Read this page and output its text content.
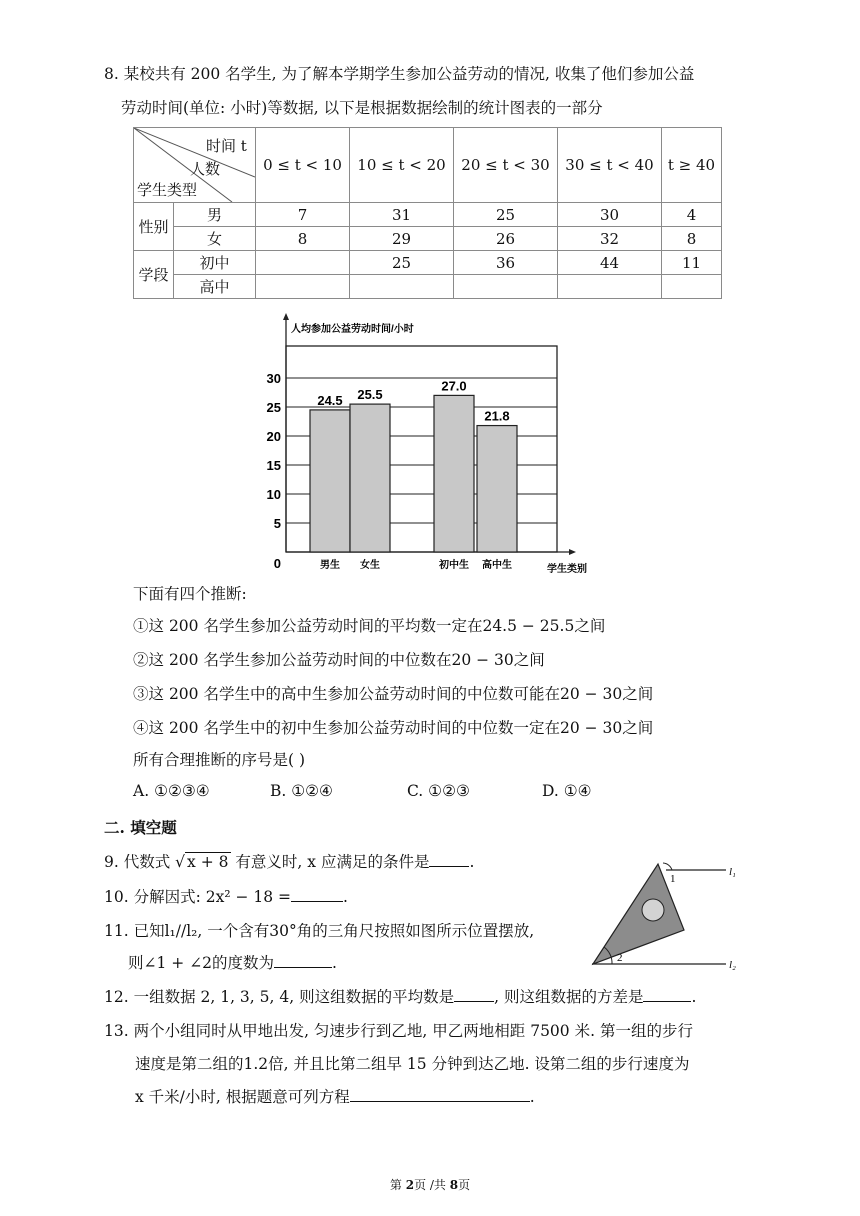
8. 某校共有 200 名学生, 为了解本学期学生参加公益劳动的情况, 收集了他们参加公益
劳动时间(单位: 小时)等数据, 以下是根据数据绘制的统计图表的一部分
时间 t
人数
学生类型		0 ≤ t < 10	10 ≤ t < 20	20 ≤ t < 30	30 ≤ t < 40	t ≥ 40
性别	男	7	31	25	30	4
	女	8	29	26	32	8
学段	初中		25	36	44	11
	高中					
0
5
10
15
20
25
30
24.5
男生
25.5
女生
27.0
初中生
21.8
高中生
人均参加公益劳动时间/小时
学生类别
下面有四个推断:
①这 200 名学生参加公益劳动时间的平均数一定在24.5 − 25.5之间
②这 200 名学生参加公益劳动时间的中位数在20 − 30之间
③这 200 名学生中的高中生参加公益劳动时间的中位数可能在20 − 30之间
④这 200 名学生中的初中生参加公益劳动时间的中位数一定在20 − 30之间
所有合理推断的序号是( )
A. ①②③④	B. ①②④	C. ①②③	D. ①④
二. 填空题
9. 代数式 √ x + 8 有意义时, x 应满足的条件是	.
10. 分解因式: 2x² − 18 =	.
11. 已知l₁//l₂, 一个含有30°角的三角尺按照如图所示位置摆放,
则∠1 + ∠2的度数为	.
1
2
l₁
l₂
12. 一组数据 2, 1, 3, 5, 4, 则这组数据的平均数是	, 则这组数据的方差是	.
13. 两个小组同时从甲地出发, 匀速步行到乙地, 甲乙两地相距 7500 米. 第一组的步行
速度是第二组的1.2倍, 并且比第二组早 15 分钟到达乙地. 设第二组的步行速度为
x 千米/小时, 根据题意可列方程	.
第 2页 /共 8页
